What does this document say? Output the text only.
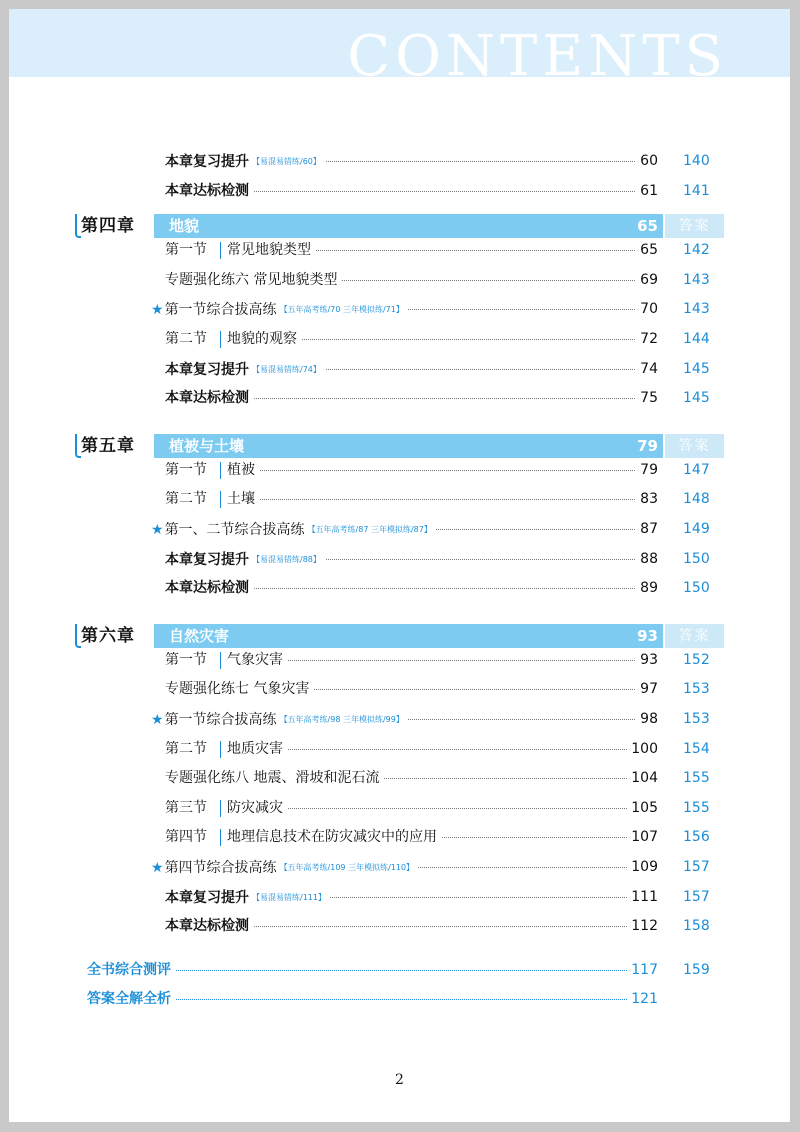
CONTENTS
本章复习提升 【易混易错练/60】	60 140
本章达标检测	61 141
第四章 地貌	65	答案
第一节 常见地貌类型	65 142
专题强化练六 常见地貌类型	69 143
★第一节综合拔高练 【五年高考练/70 三年模拟练/71】	70 143
第二节 地貌的观察	72 144
本章复习提升 【易混易错练/74】	74 145
本章达标检测	75 145
第五章 植被与土壤	79	答案
第一节 植被	79 147
第二节 土壤	83 148
★第一、二节综合拔高练 【五年高考练/87 三年模拟练/87】	87 149
本章复习提升 【易混易错练/88】	88 150
本章达标检测	89 150
第六章 自然灾害	93	答案
第一节 气象灾害	93 152
专题强化练七 气象灾害	97 153
★第一节综合拔高练 【五年高考练/98 三年模拟练/99】	98 153
第二节 地质灾害	100 154
专题强化练八 地震、滑坡和泥石流	104 155
第三节 防灾减灾	105 155
第四节 地理信息技术在防灾减灾中的应用	107 156
★第四节综合拔高练 【五年高考练/109 三年模拟练/110】	109 157
本章复习提升 【易混易错练/111】	111 157
本章达标检测	112 158
全书综合测评	117 159
答案全解全析	121
2
